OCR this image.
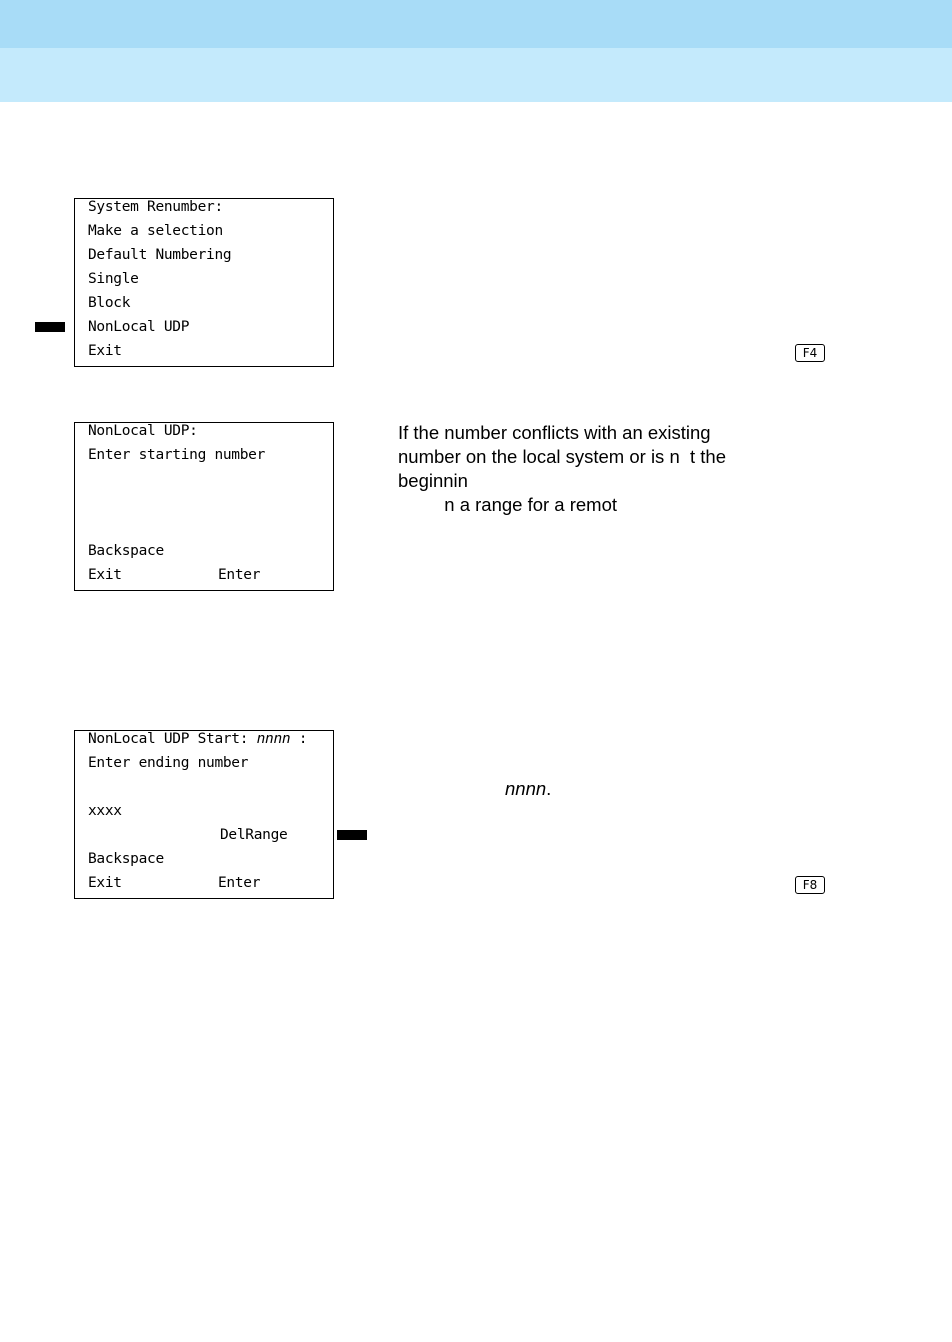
System Renumber:
Make a selection
Default Numbering
Single
Block
NonLocal UDP
Exit	F4
NonLocal UDP:
Enter starting number
Backspace
Exit	Enter
If the number conflicts with an existing
number on the local system or is n  t the
beginnin
n a range for a remot
NonLocal UDP Start: nnnn :
Enter ending number
xxxx
DelRange
Backspace
Exit	Enter	F8
nnnn.
